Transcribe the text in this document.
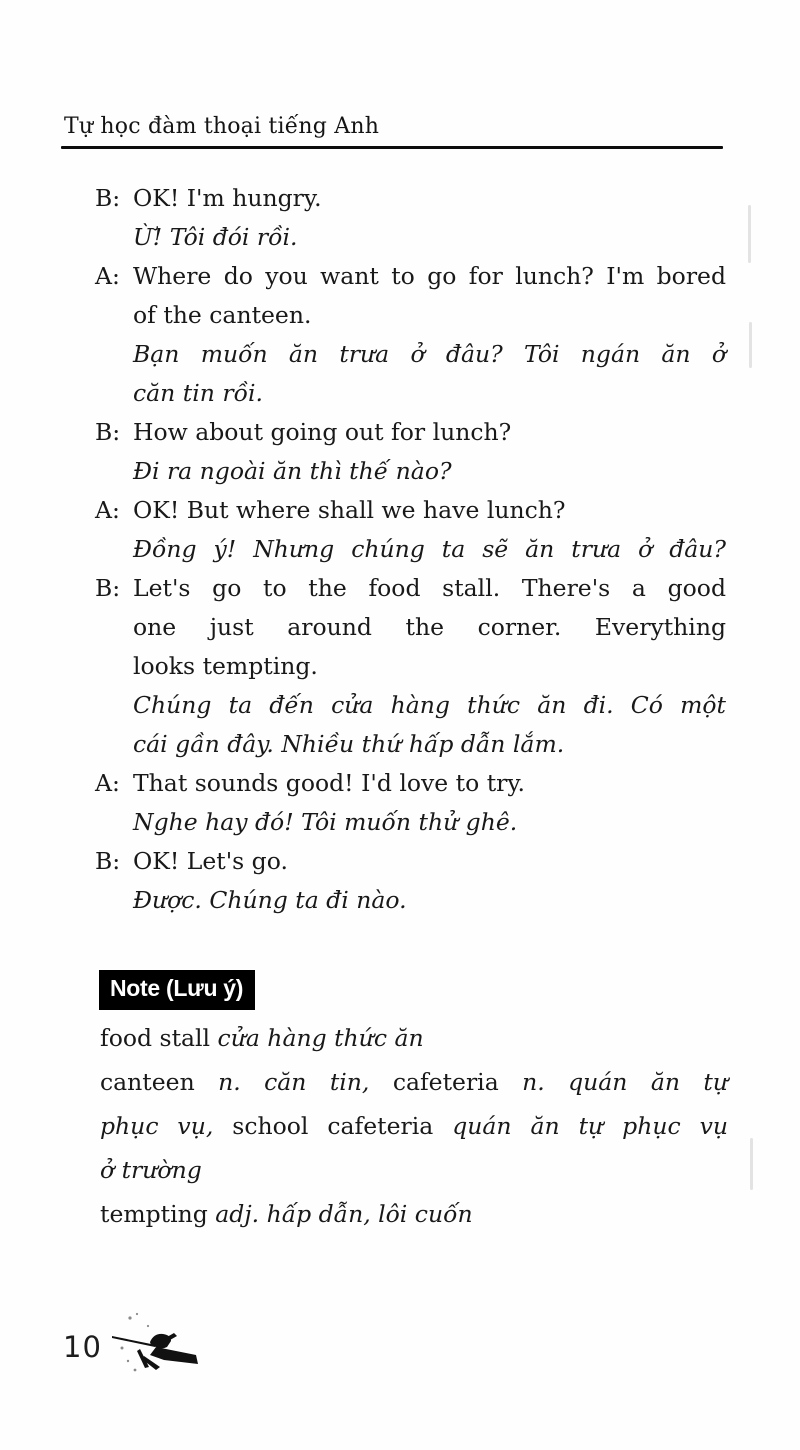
Tự học đàm thoại tiếng Anh
B: OK! I'm hungry.
Ừ! Tôi đói rồi.
A: Where do you want to go for lunch? I'm bored
of the canteen.
Bạn muốn ăn trưa ở đâu? Tôi ngán ăn ở
căn tin rồi.
B: How about going out for lunch?
Đi ra ngoài ăn thì thế nào?
A: OK! But where shall we have lunch?
Đồng ý! Nhưng chúng ta sẽ ăn trưa ở đâu?
B: Let's go to the food stall. There's a good
one just around the corner. Everything
looks tempting.
Chúng ta đến cửa hàng thức ăn đi. Có một
cái gần đây. Nhiều thứ hấp dẫn lắm.
A: That sounds good! I'd love to try.
Nghe hay đó! Tôi muốn thử ghê.
B: OK! Let's go.
Được. Chúng ta đi nào.
Note (Lưu ý)
food stall cửa hàng thức ăn
canteen n. căn tin, cafeteria n. quán ăn tự
phục vụ, school cafeteria quán ăn tự phục vụ
ở trường
tempting adj. hấp dẫn, lôi cuốn
10
